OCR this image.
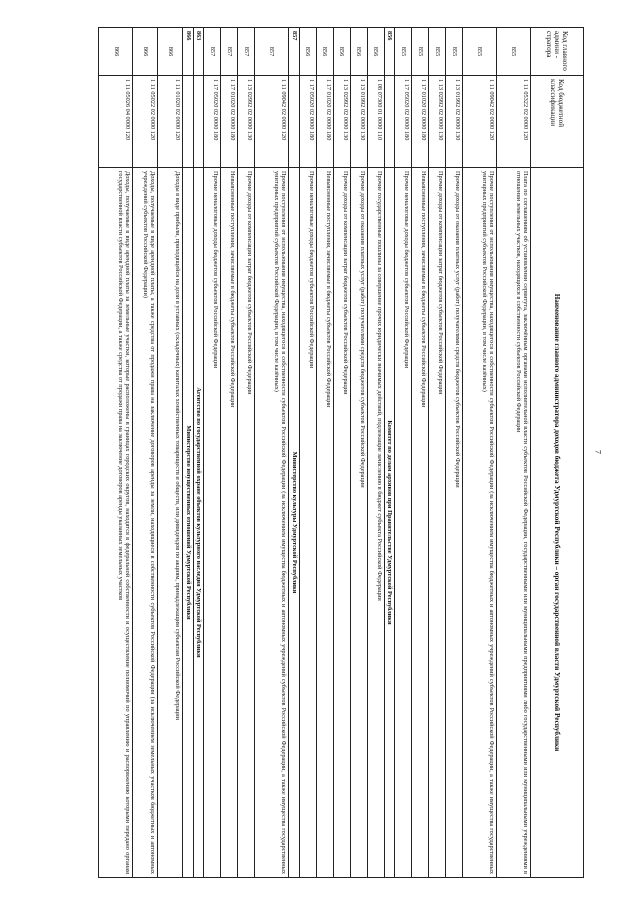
7
Код главного админи - стратора	Код бюджетной классификации	Наименование главного администратора доходов бюджета Удмуртской Республики – орган государственной власти Удмуртской Республики
855	1 11 05322 02 0000 120	Плата по соглашениям об установлении сервитута, заключённым органами исполнительной власти субъектов Российской Федерации, государственными или муниципальными предприятиями либо государственными или муниципальными учреждениями в отношении земельных участков, находящихся в собственности субъектов Российской Федерации
855	1 11 09042 02 0000 120	Прочие поступления от использования имущества, находящегося в собственности субъектов Российской Федерации (за исключением имущества бюджетных и автономных учреждений субъектов Российской Федерации, а также имущества государственных унитарных предприятий субъектов Российской Федерации, в том числе казённых)
855	1 13 01992 02 0000 130	Прочие доходы от оказания платных услуг (работ) получателями средств бюджетов субъектов Российской Федерации
855	1 13 02992 02 0000 130	Прочие доходы от компенсации затрат бюджетов субъектов Российской Федерации
855	1 17 01020 02 0000 180	Невыясненные поступления, зачисляемые в бюджеты субъектов Российской Федерации
855	1 17 05020 02 0000 180	Прочие неналоговые доходы бюджетов субъектов Российской Федерации
856		Комитет по делам архивов при Правительстве Удмуртской Республики
856	1 08 07300 01 0000 110	Прочие государственные пошлины за совершение прочих юридически значимых действий, подлежащие зачислению в бюджет субъекта Российской Федерации
856	1 13 01992 02 0000 130	Прочие доходы от оказания платных услуг (работ) получателями средств бюджетов субъектов Российской Федерации
856	1 13 02992 02 0000 130	Прочие доходы от компенсации затрат бюджетов субъектов Российской Федерации
856	1 17 01020 02 0000 180	Невыясненные поступления, зачисляемые в бюджеты субъектов Российской Федерации
856	1 17 05020 02 0000 180	Прочие неналоговые доходы бюджетов субъектов Российской Федерации
857		Министерство культуры Удмуртской Республики
857	1 11 09042 02 0000 120	Прочие поступления от использования имущества, находящегося в собственности субъектов Российской Федерации (за исключением имущества бюджетных и автономных учреждений субъектов Российской Федерации, а также имущества государственных унитарных предприятий субъектов Российской Федерации, в том числе казённых)
857	1 13 02992 02 0000 130	Прочие доходы от компенсации затрат бюджетов субъектов Российской Федерации
857	1 17 01020 02 0000 180	Невыясненные поступления, зачисляемые в бюджеты субъектов Российской Федерации
857	1 17 05020 02 0000 180	Прочие неналоговые доходы бюджетов субъектов Российской Федерации
863		Агентство по государственной охране объектов культурного наследия Удмуртской Республики
866		Министерство имущественных отношений Удмуртской Республики
866	1 11 01020 02 0000 120	Доходы в виде прибыли, приходящейся на доли в уставных (складочных) капиталах хозяйственных товариществ и обществ, или дивидендов по акциям, принадлежащим субъектам Российской Федерации
866	1 11 05022 02 0000 120	Доходы, получаемые в виде арендной платы, а также средства от продажи права на заключение договоров аренды за земли, находящиеся в собственности субъектов Российской Федерации (за исключением земельных участков бюджетных и автономных учреждений субъектов Российской Федерации)
866	1 11 05026 04 0000 120	Доходы, получаемые в виде арендной платы за земельные участки, которые расположены в границах городских округов, находятся в федеральной собственности и осуществление полномочий по управлению и распоряжению которыми передано органам государственной власти субъектов Российской Федерации, а также средства от продажи права на заключение договоров аренды указанных земельных участков
